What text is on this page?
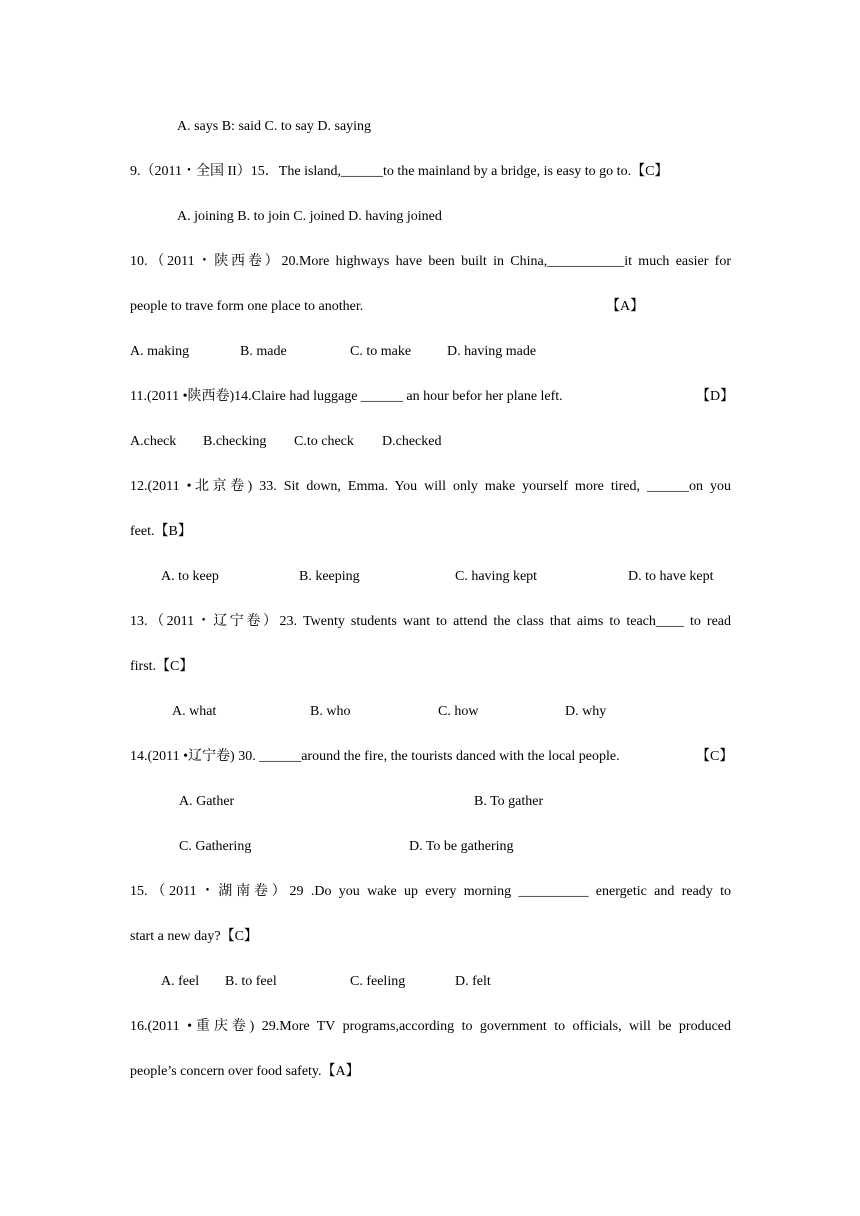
A. says B: said C. to say D. saying
9.（2011・全国 II）15．The island,______to the mainland by a bridge, is easy to go to.【C】
A. joining B. to join C. joined D. having joined
10.（2011・陕西卷）20.More highways have been built in China,___________it much easier for
people to trave form one place to another.	【A】
A. making	B. made	C. to make	D. having made
11.(2011 •陕西卷)14.Claire had luggage ______ an hour befor her plane left.	【D】
A.check B.checking C.to check D.checked
12.(2011 •北京卷) 33. Sit down, Emma. You will only make yourself more tired, ______on you
feet.【B】
A. to keep	B. keeping	C. having kept	D. to have kept
13.（2011・辽宁卷）23. Twenty students want to attend the class that aims to teach____ to read
first.【C】
A. what	B. who	C. how	D. why
14.(2011 •辽宁卷) 30. ______around the fire, the tourists danced with the local people.	【C】
A. Gather	B. To gather
C. Gathering	D. To be gathering
15.（2011・湖南卷）29 .Do you wake up every morning __________ energetic and ready to
start a new day?【C】
A. feel B. to feel	C. feeling	D. felt
16.(2011 •重庆卷) 29.More TV programs,according to government to officials, will be produced
people’s concern over food safety.【A】
